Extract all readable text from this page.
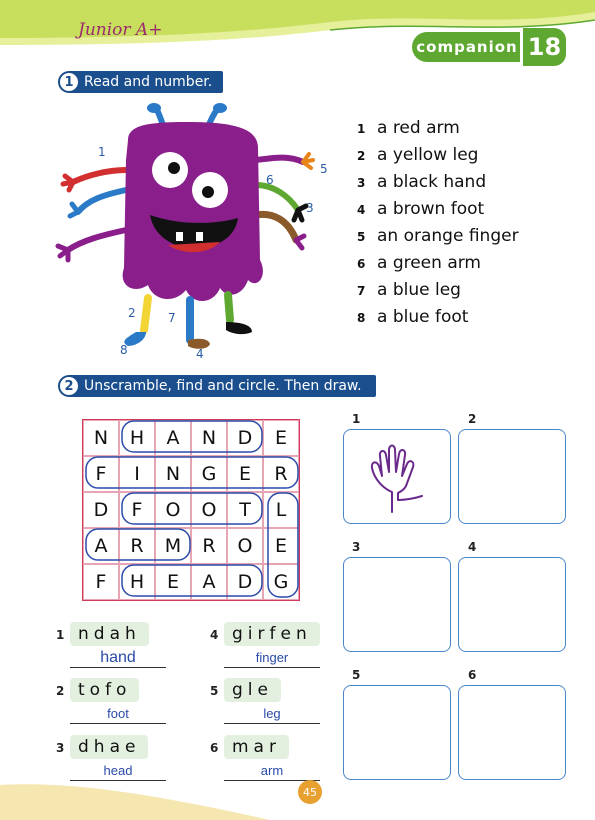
Junior A+
companion 18
1 Read and number.
1
2
3
4
5
6
7
8
1 a red arm
2 a yellow leg
3 a black hand
4 a brown foot
5 an orange finger
6 a green arm
7 a blue leg
8 a blue foot
2 Unscramble, find and circle. Then draw.
N	H	A	N	D	E
F	I	N	G	E	R
D	F	O	O	T	L
A	R	M	R	O	E
F	H	E	A	D	G
1 ndah
hand
2 tofo
foot
3 dhae
head
4 girfen
finger
5 gle
leg
6 mar
arm
1	2
3	4
5	6
45
